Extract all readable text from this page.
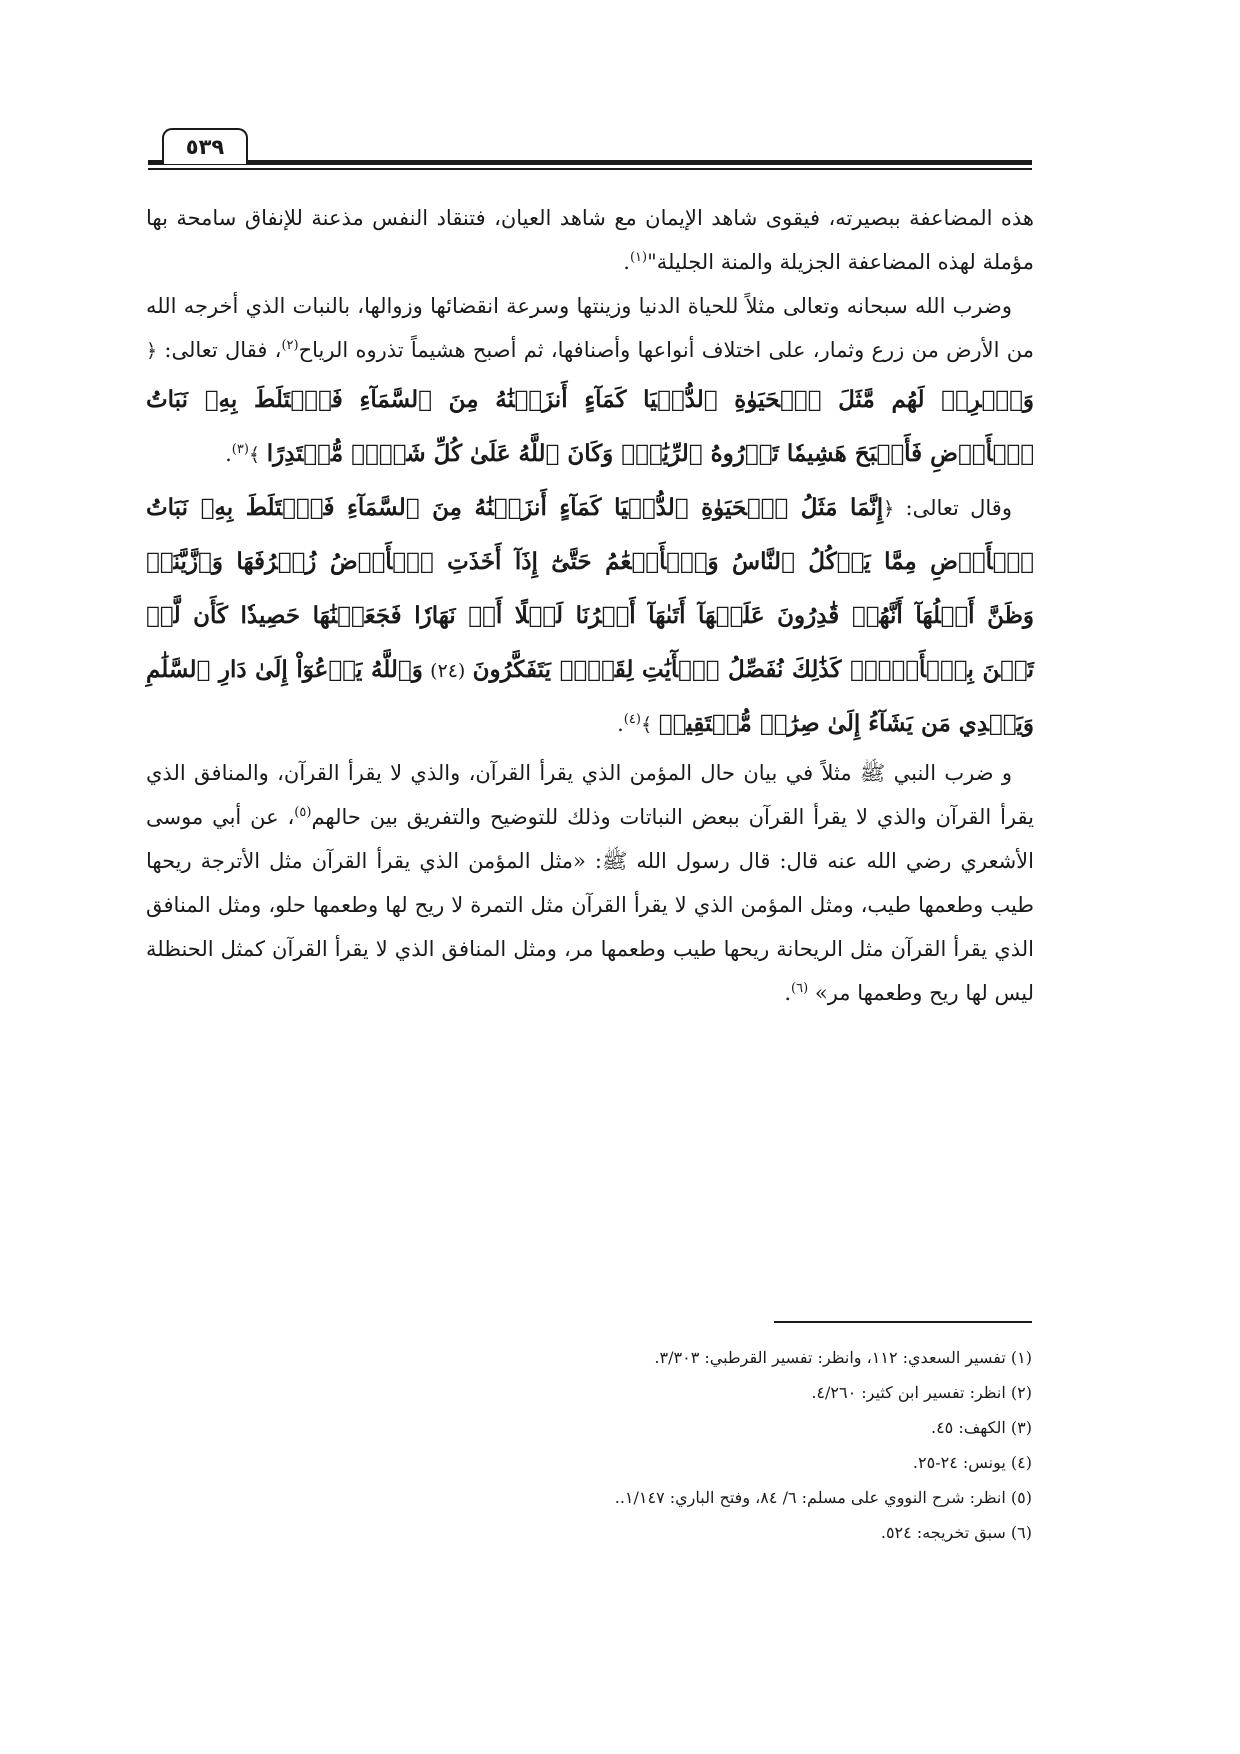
٥٣٩

هذه المضاعفة ببصيرته، فيقوى شاهد الإيمان مع شاهد العيان، فتنقاد النفس مذعنة للإنفاق سامحة بها مؤملة لهذه المضاعفة الجزيلة والمنة الجليلة"$^{(١)}$.

وضرب الله سبحانه وتعالى مثلاً للحياة الدنيا وزينتها وسرعة انقضائها وزوالها، بالنبات الذي أخرجه الله من الأرض من زرع وثمار، على اختلاف أنواعها وأصنافها، ثم أصبح هشيماً تذروه الرياح$^{(٢)}$، فقال تعالى: ﴿ وَٱضۡرِبۡ لَهُم مَّثَلَ ٱلۡحَيَوٰةِ ٱلدُّنۡيَا كَمَآءٍ أَنزَلۡنَٰهُ مِنَ ٱلسَّمَآءِ فَٱخۡتَلَطَ بِهِۦ نَبَاتُ ٱلۡأَرۡضِ فَأَصۡبَحَ هَشِيمٗا تَذۡرُوهُ ٱلرِّيَٰحُۗ وَكَانَ ٱللَّهُ عَلَىٰ كُلِّ شَيۡءٖ مُّقۡتَدِرًا ﴾$^{(٣)}$.

وقال تعالى: ﴿إِنَّمَا مَثَلُ ٱلۡحَيَوٰةِ ٱلدُّنۡيَا كَمَآءٍ أَنزَلۡنَٰهُ مِنَ ٱلسَّمَآءِ فَٱخۡتَلَطَ بِهِۦ نَبَاتُ ٱلۡأَرۡضِ مِمَّا يَأۡكُلُ ٱلنَّاسُ وَٱلۡأَنۡعَٰمُ حَتَّىٰٓ إِذَآ أَخَذَتِ ٱلۡأَرۡضُ زُخۡرُفَهَا وَٱزَّيَّنَتۡ وَظَنَّ أَهۡلُهَآ أَنَّهُمۡ قَٰدِرُونَ عَلَيۡهَآ أَتَىٰهَآ أَمۡرُنَا لَيۡلًا أَوۡ نَهَارٗا فَجَعَلۡنَٰهَا حَصِيدٗا كَأَن لَّمۡ تَغۡنَ بِٱلۡأَمۡسِۚ كَذَٰلِكَ نُفَصِّلُ ٱلۡأٓيَٰتِ لِقَوۡمٖ يَتَفَكَّرُونَ (٢٤) وَٱللَّهُ يَدۡعُوٓاْ إِلَىٰ دَارِ ٱلسَّلَٰمِ وَيَهۡدِي مَن يَشَآءُ إِلَىٰ صِرَٰطٖ مُّسۡتَقِيمٖ ﴾$^{(٤)}$.

و ضرب النبي ﷺ مثلاً في بيان حال المؤمن الذي يقرأ القرآن، والذي لا يقرأ القرآن، والمنافق الذي يقرأ القرآن والذي لا يقرأ القرآن ببعض النباتات وذلك للتوضيح والتفريق بين حالهم$^{(٥)}$، عن أبي موسى الأشعري رضي الله عنه قال: قال رسول الله ﷺ: «مثل المؤمن الذي يقرأ القرآن مثل الأترجة ريحها طيب وطعمها طيب، ومثل المؤمن الذي لا يقرأ القرآن مثل التمرة لا ريح لها وطعمها حلو، ومثل المنافق الذي يقرأ القرآن مثل الريحانة ريحها طيب وطعمها مر، ومثل المنافق الذي لا يقرأ القرآن كمثل الحنظلة ليس لها ريح وطعمها مر» $^{(٦)}$.

(١) تفسير السعدي: ١١٢، وانظر: تفسير القرطبي: ٣/٣٠٣.
(٢) انظر: تفسير ابن كثير: ٤/٢٦٠.
(٣) الكهف: ٤٥.
(٤) يونس: ٢٤-٢٥.
(٥) انظر: شرح النووي على مسلم: ٦/ ٨٤، وفتح الباري: ١/١٤٧..
(٦) سبق تخريجه: ٥٢٤.
